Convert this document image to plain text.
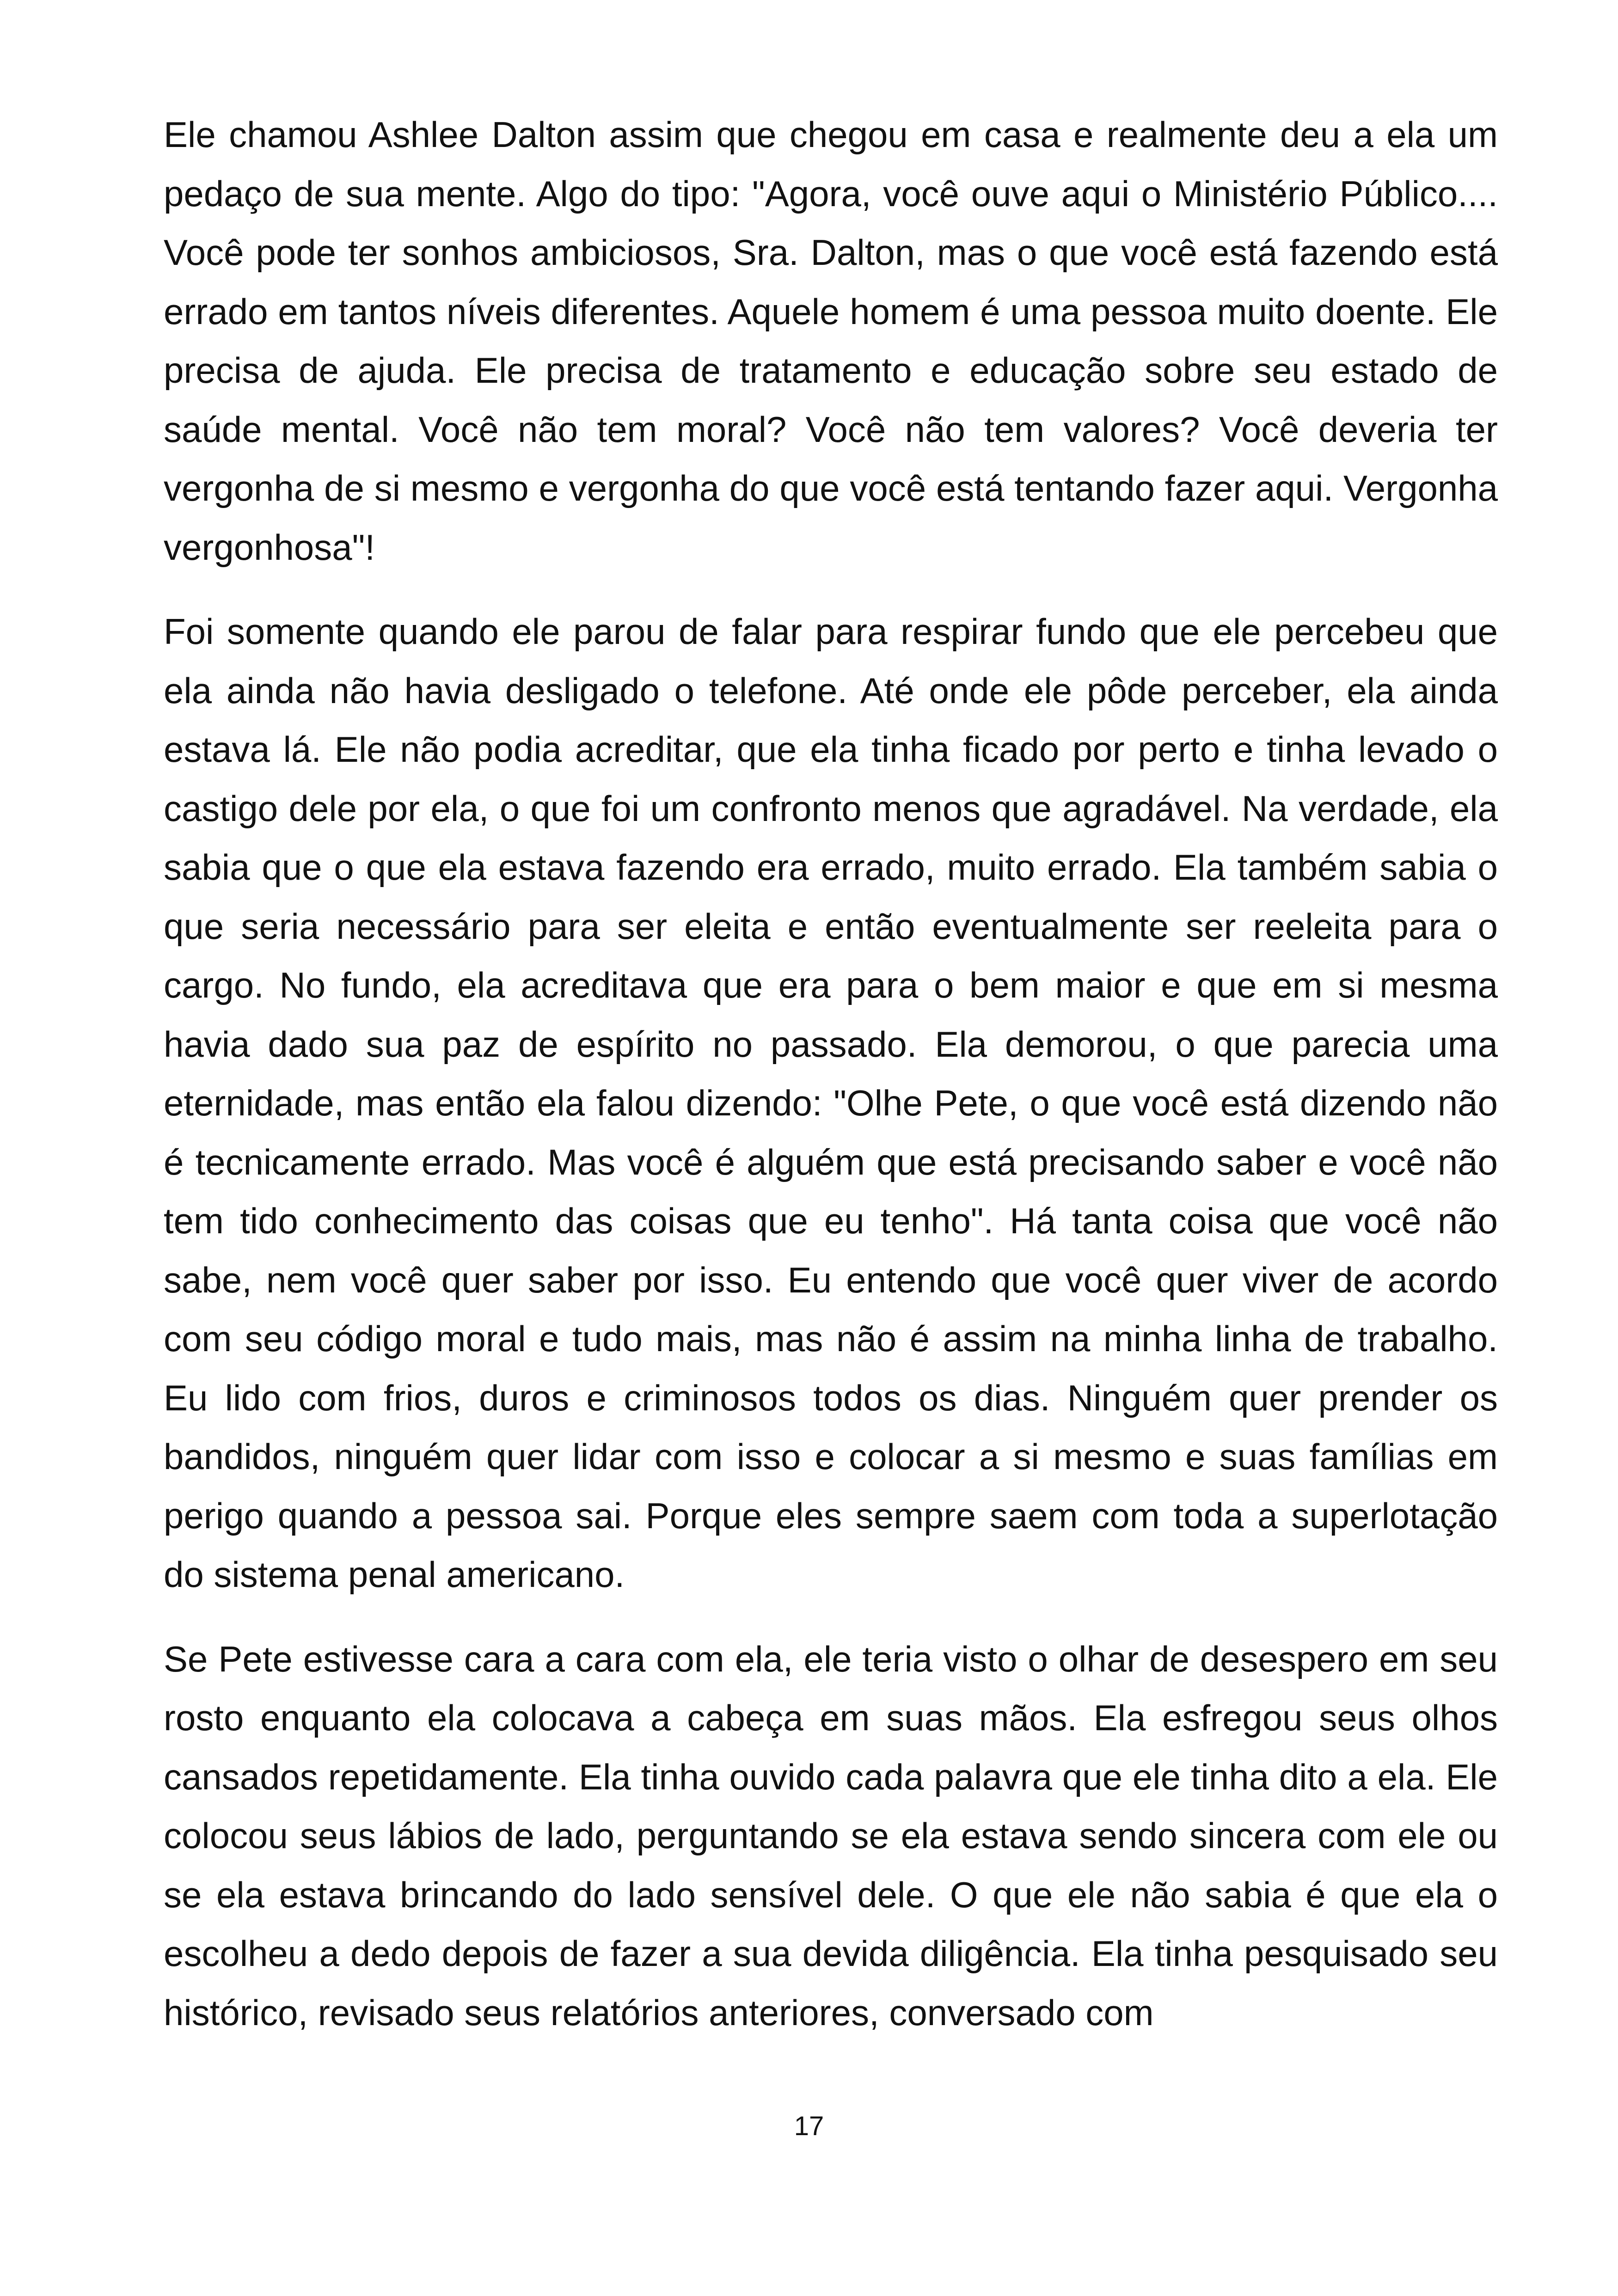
Ele chamou Ashlee Dalton assim que chegou em casa e realmente deu a ela um pedaço de sua mente. Algo do tipo: "Agora, você ouve aqui o Ministério Público.... Você pode ter sonhos ambiciosos, Sra. Dalton, mas o que você está fazendo está errado em tantos níveis diferentes. Aquele homem é uma pessoa muito doente. Ele precisa de ajuda. Ele precisa de tratamento e educação sobre seu estado de saúde mental. Você não tem moral? Você não tem valores? Você deveria ter vergonha de si mesmo e vergonha do que você está tentando fazer aqui. Vergonha vergonhosa"!

Foi somente quando ele parou de falar para respirar fundo que ele percebeu que ela ainda não havia desligado o telefone. Até onde ele pôde perceber, ela ainda estava lá. Ele não podia acreditar, que ela tinha ficado por perto e tinha levado o castigo dele por ela, o que foi um confronto menos que agradável. Na verdade, ela sabia que o que ela estava fazendo era errado, muito errado. Ela também sabia o que seria necessário para ser eleita e então eventualmente ser reeleita para o cargo. No fundo, ela acreditava que era para o bem maior e que em si mesma havia dado sua paz de espírito no passado. Ela demorou, o que parecia uma eternidade, mas então ela falou dizendo: "Olhe Pete, o que você está dizendo não é tecnicamente errado. Mas você é alguém que está precisando saber e você não tem tido conhecimento das coisas que eu tenho". Há tanta coisa que você não sabe, nem você quer saber por isso. Eu entendo que você quer viver de acordo com seu código moral e tudo mais, mas não é assim na minha linha de trabalho. Eu lido com frios, duros e criminosos todos os dias. Ninguém quer prender os bandidos, ninguém quer lidar com isso e colocar a si mesmo e suas famílias em perigo quando a pessoa sai. Porque eles sempre saem com toda a superlotação do sistema penal americano.

Se Pete estivesse cara a cara com ela, ele teria visto o olhar de desespero em seu rosto enquanto ela colocava a cabeça em suas mãos. Ela esfregou seus olhos cansados repetidamente. Ela tinha ouvido cada palavra que ele tinha dito a ela. Ele colocou seus lábios de lado, perguntando se ela estava sendo sincera com ele ou se ela estava brincando do lado sensível dele. O que ele não sabia é que ela o escolheu a dedo depois de fazer a sua devida diligência. Ela tinha pesquisado seu histórico, revisado seus relatórios anteriores, conversado com

17
